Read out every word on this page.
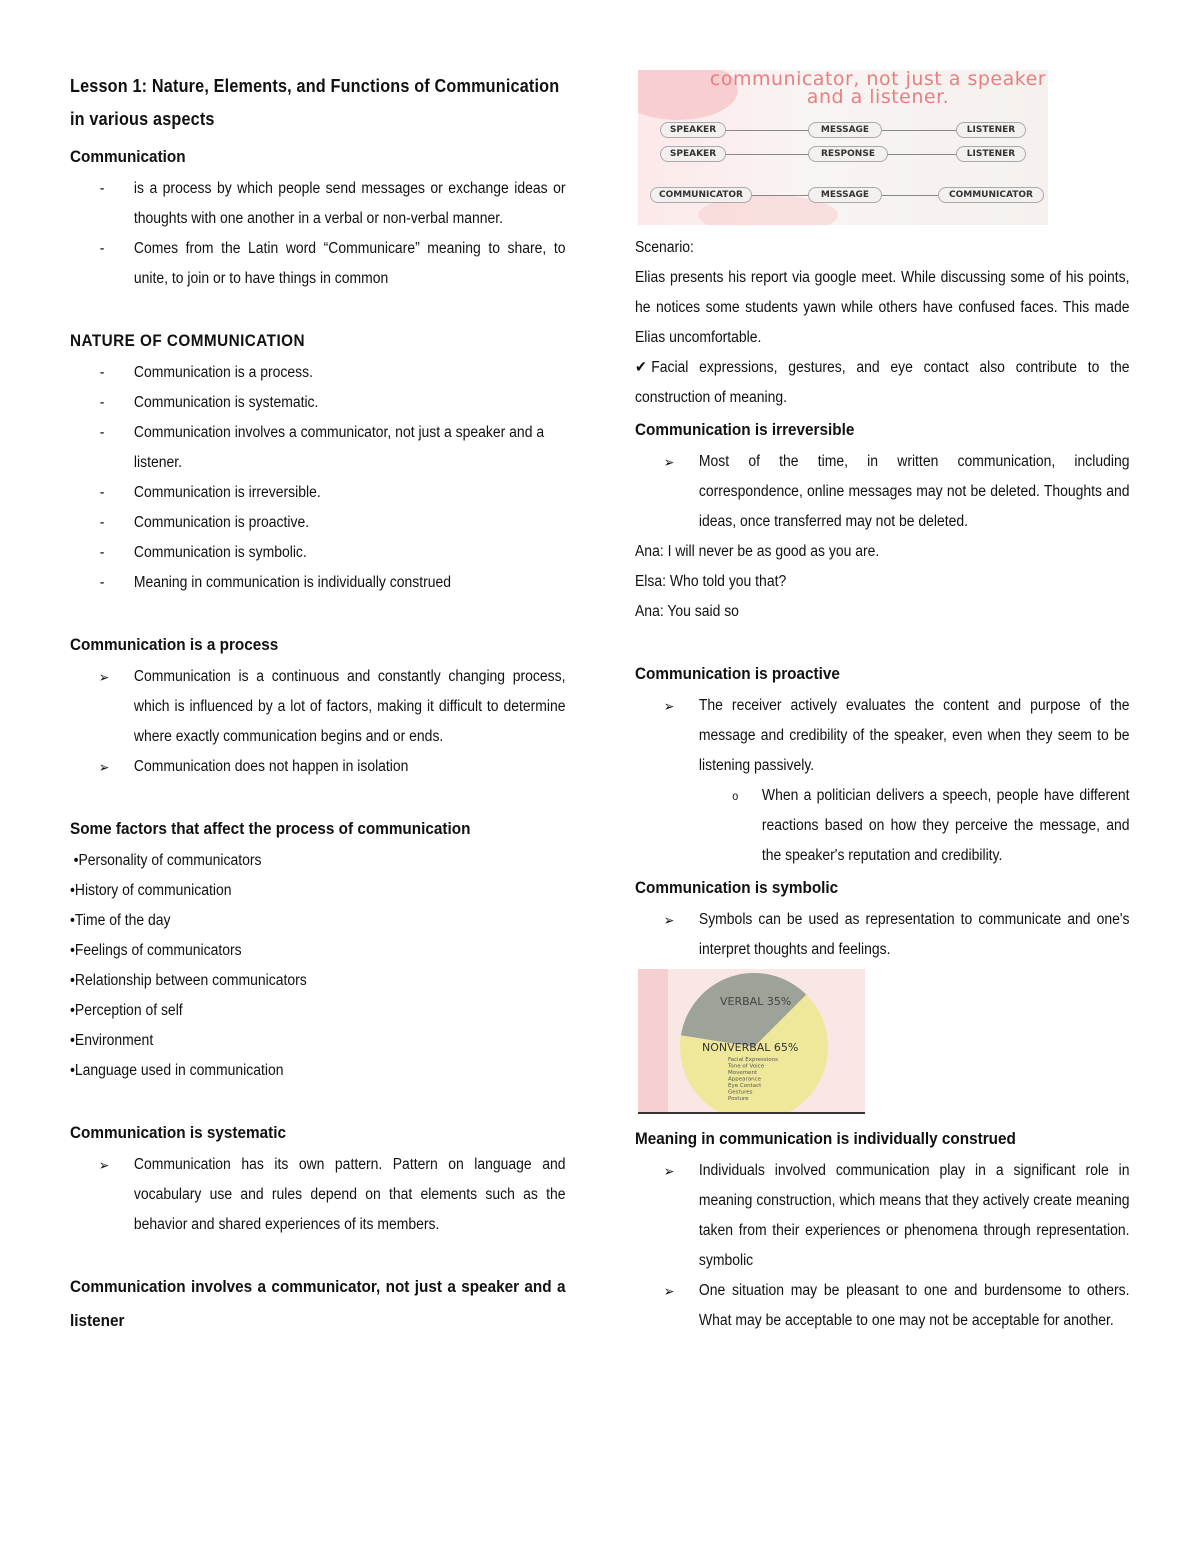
Lesson 1: Nature, Elements, and Functions of Communication in various aspects
Communication
- is a process by which people send messages or exchange ideas or thoughts with one another in a verbal or non-verbal manner.
- Comes from the Latin word “Communicare” meaning to share, to unite, to join or to have things in common
NATURE OF COMMUNICATION
- Communication is a process.
- Communication is systematic.
- Communication involves a communicator, not just a speaker and a listener.
- Communication is irreversible.
- Communication is proactive.
- Communication is symbolic.
- Meaning in communication is individually construed
Communication is a process
➢ Communication is a continuous and constantly changing process, which is influenced by a lot of factors, making it difficult to determine where exactly communication begins and or ends.
➢ Communication does not happen in isolation
Some factors that affect the process of communication
•Personality of communicators
•History of communication
•Time of the day
•Feelings of communicators
•Relationship between communicators
•Perception of self
•Environment
•Language used in communication
Communication is systematic
➢ Communication has its own pattern. Pattern on language and vocabulary use and rules depend on that elements such as the behavior and shared experiences of its members.
Communication involves a communicator, not just a speaker and a listener
communicator, not just a speaker and a listener.
SPEAKER	MESSAGE	LISTENER
SPEAKER	RESPONSE	LISTENER
COMMUNICATOR	MESSAGE	COMMUNICATOR

Scenario:

Elias presents his report via google meet. While discussing some of his points, he notices some students yawn while others have confused faces. This made Elias uncomfortable.

✔ Facial expressions, gestures, and eye contact also contribute to the construction of meaning.

Communication is irreversible
➢ Most of the time, in written communication, including correspondence, online messages may not be deleted. Thoughts and ideas, once transferred may not be deleted.

Ana: I will never be as good as you are.

Elsa: Who told you that?

Ana: You said so

Communication is proactive
➢ The receiver actively evaluates the content and purpose of the message and credibility of the speaker, even when they seem to be listening passively.
o When a politician delivers a speech, people have different reactions based on how they perceive the message, and the speaker's reputation and credibility.
Communication is symbolic
➢ Symbols can be used as representation to communicate and one's interpret thoughts and feelings.
VERBAL 35%
NONVERBAL 65%
Facial Expressions
Tone of Voice
Movement
Appearance
Eye Contact
Gestures
Posture
Meaning in communication is individually construed
➢ Individuals involved communication play in a significant role in meaning construction, which means that they actively create meaning taken from their experiences or phenomena through representation. symbolic
➢ One situation may be pleasant to one and burdensome to others. What may be acceptable to one may not be acceptable for another.
